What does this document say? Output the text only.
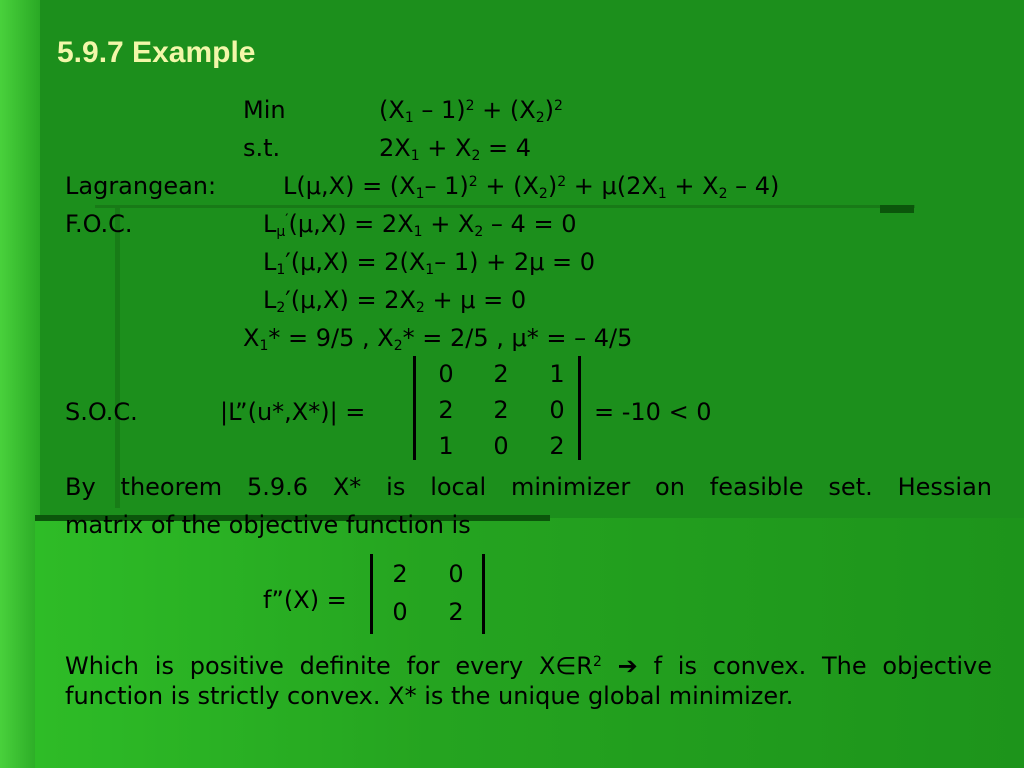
5.9.7 Example
Min	$(X_1 - 1)^2 + (X_2)^2$
s.t.	$2X_1 + X_2 = 4$
Lagrangean:	$L(\mu,X) = (X_1-$ $1)^2 + (X_2)^2 + \mu(2X_1 + X_2 - 4)$
F.O.C.	$L_\mu'(\mu,X) = 2X_1 + X_2 - 4 = 0$
$L_1'(\mu,X) = 2(X_1-$ 1) + 2μ = 0
$L_2'(\mu,X) = 2X_2 + \mu = 0$
$X_1* = 9/5$ , $X_2* = 2/5$ , μ* = – 4/5
S.O.C.	|L”(u*,X*)| =
0	2	1
2	2	0
1	0	2
= -10 < 0
By theorem 5.9.6 X* is local minimizer on feasible set. Hessian
matrix of the objective function is
f”(X) =
2	0
0	2
Which is positive definite for every $X\in R^2$ ➔ f is convex. The objective function is strictly convex. X* is the unique global minimizer.
